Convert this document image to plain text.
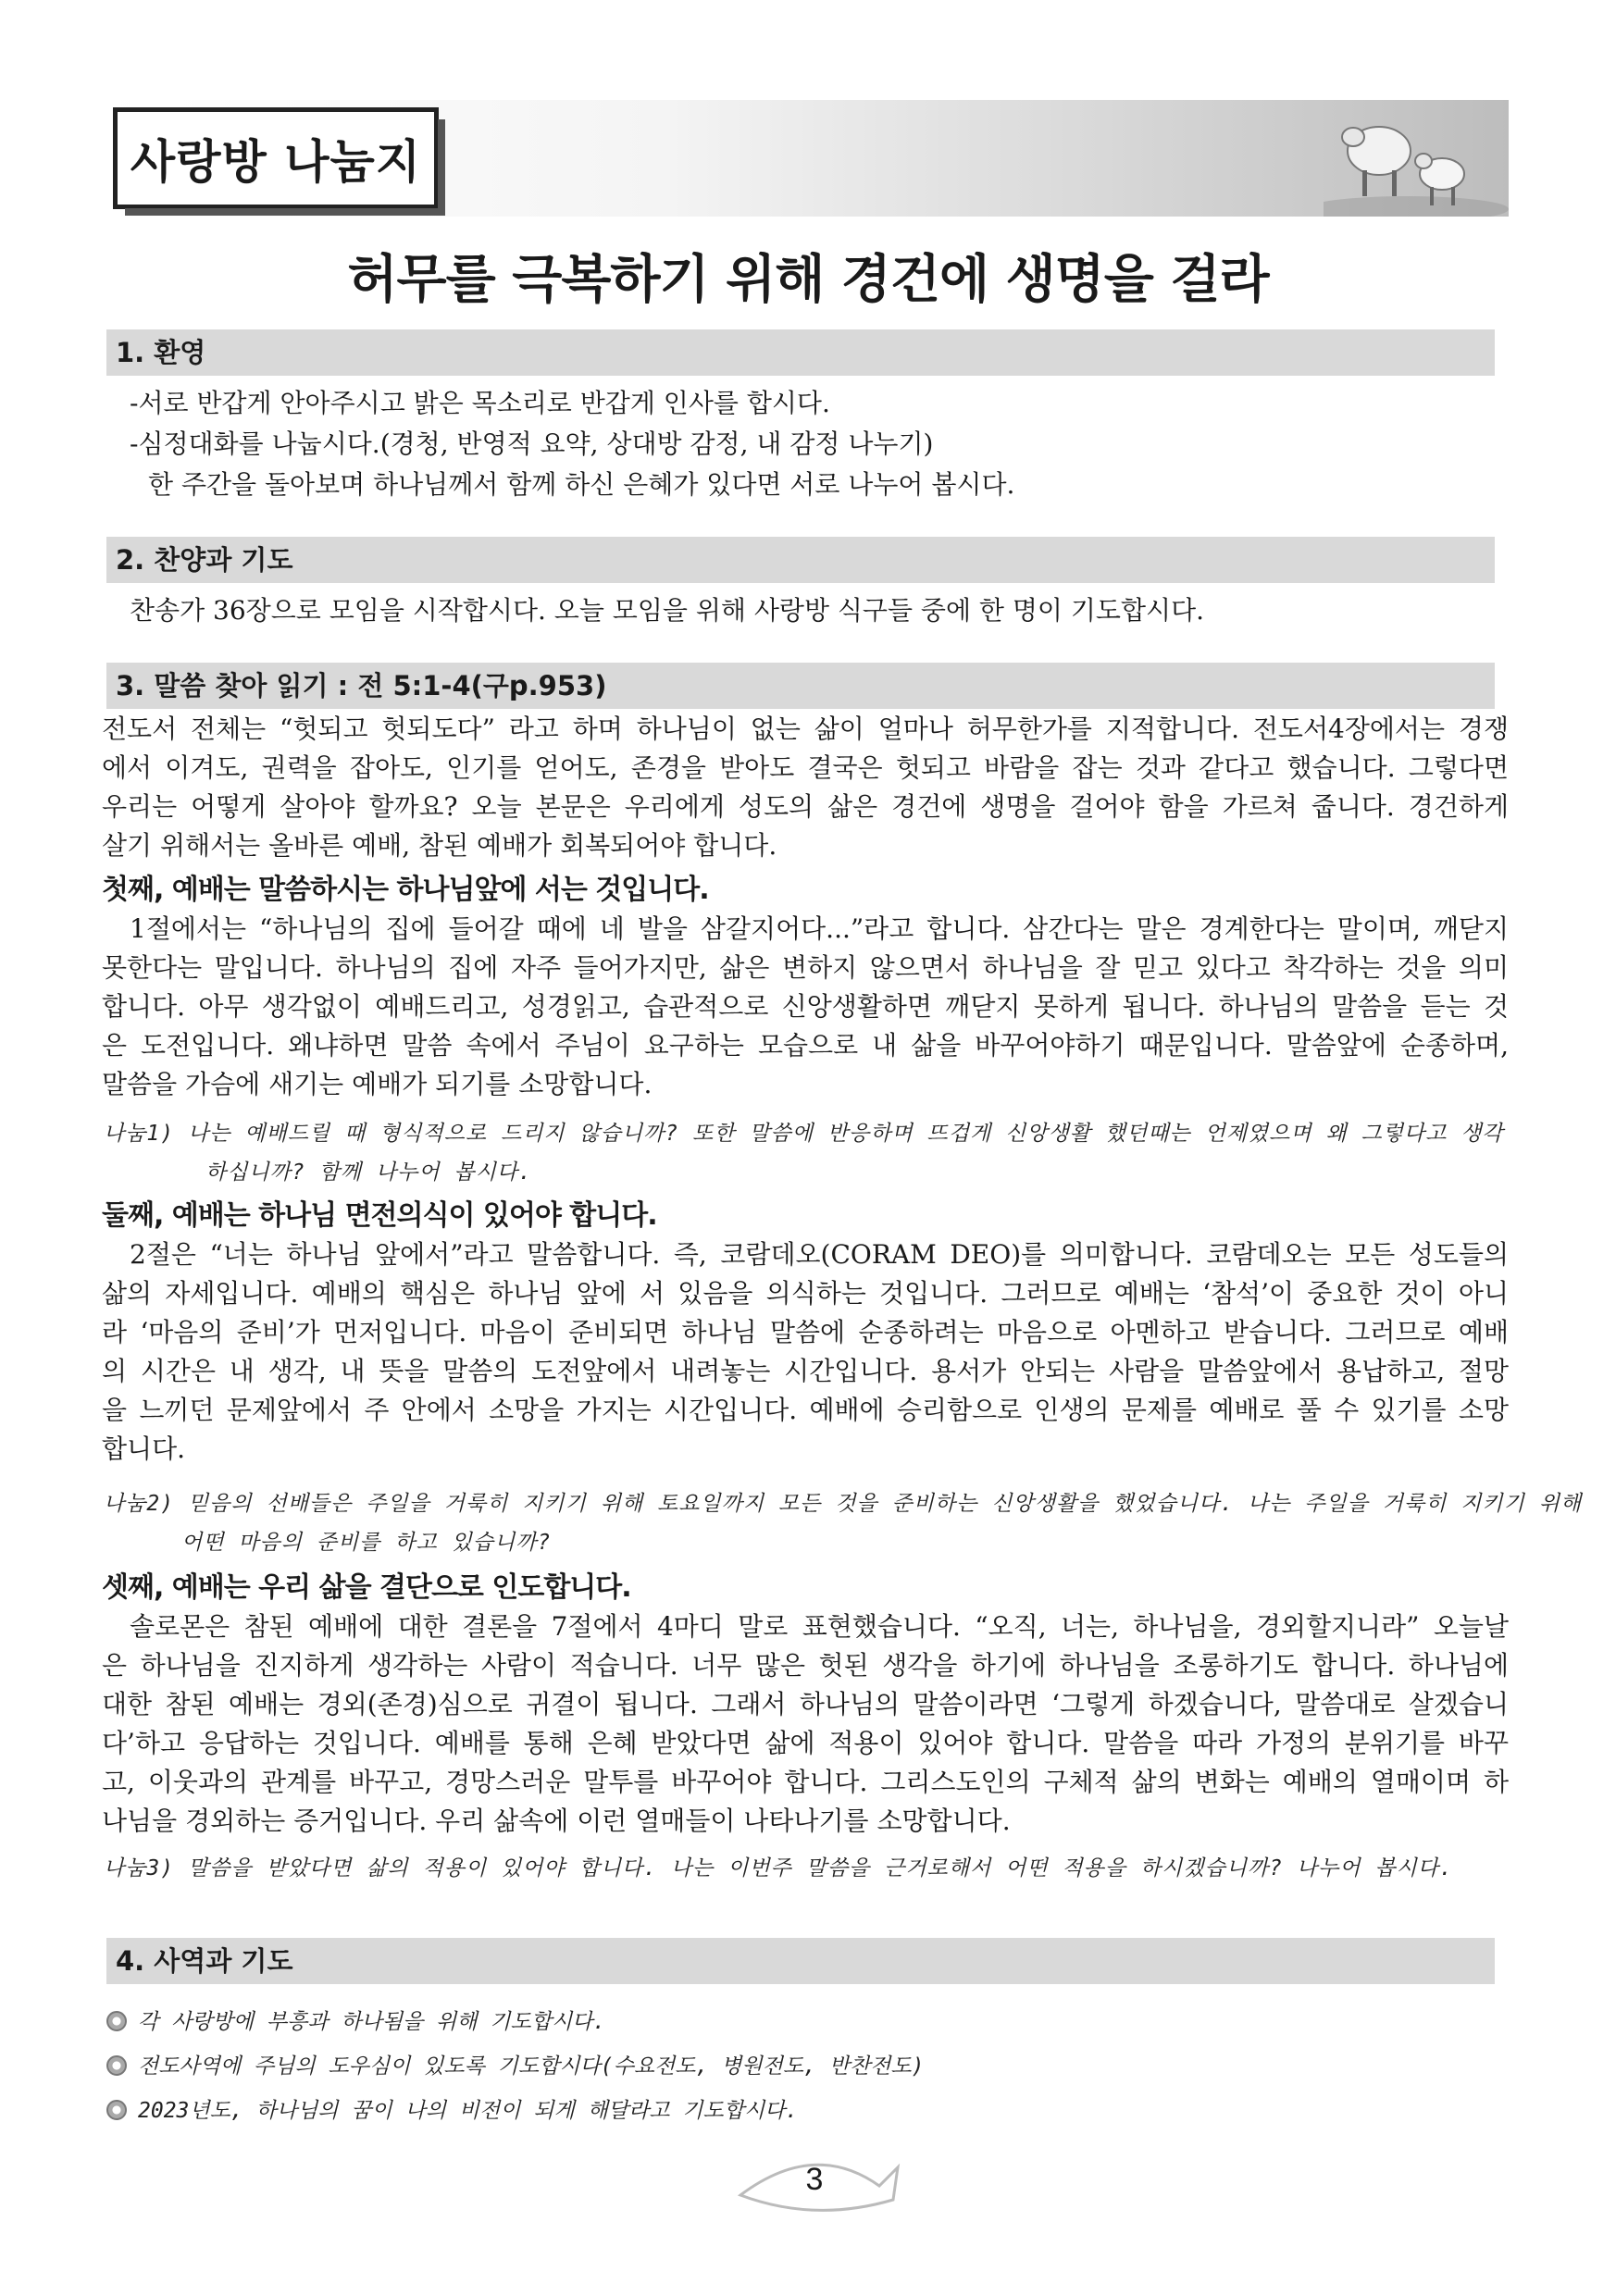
사랑방 나눔지
허무를 극복하기 위해 경건에 생명을 걸라
1. 환영
-서로 반갑게 안아주시고 밝은 목소리로 반갑게 인사를 합시다.
-심정대화를 나눕시다.(경청, 반영적 요약, 상대방 감정, 내 감정 나누기)
한 주간을 돌아보며 하나님께서 함께 하신 은혜가 있다면 서로 나누어 봅시다.
2. 찬양과 기도
찬송가 36장으로 모임을 시작합시다. 오늘 모임을 위해 사랑방 식구들 중에 한 명이 기도합시다.
3. 말씀 찾아 읽기 : 전 5:1-4(구p.953)
전도서 전체는 “헛되고 헛되도다” 라고 하며 하나님이 없는 삶이 얼마나 허무한가를 지적합니다. 전도서4장에서는 경쟁
에서 이겨도, 권력을 잡아도, 인기를 얻어도, 존경을 받아도 결국은 헛되고 바람을 잡는 것과 같다고 했습니다. 그렇다면
우리는 어떻게 살아야 할까요? 오늘 본문은 우리에게 성도의 삶은 경건에 생명을 걸어야 함을 가르쳐 줍니다. 경건하게
살기 위해서는 올바른 예배, 참된 예배가 회복되어야 합니다.
첫째, 예배는 말씀하시는 하나님앞에 서는 것입니다.
1절에서는 “하나님의 집에 들어갈 때에 네 발을 삼갈지어다...”라고 합니다. 삼간다는 말은 경계한다는 말이며, 깨닫지
못한다는 말입니다. 하나님의 집에 자주 들어가지만, 삶은 변하지 않으면서 하나님을 잘 믿고 있다고 착각하는 것을 의미
합니다. 아무 생각없이 예배드리고, 성경읽고, 습관적으로 신앙생활하면 깨닫지 못하게 됩니다. 하나님의 말씀을 듣는 것
은 도전입니다. 왜냐하면 말씀 속에서 주님이 요구하는 모습으로 내 삶을 바꾸어야하기 때문입니다. 말씀앞에 순종하며,
말씀을 가슴에 새기는 예배가 되기를 소망합니다.
나눔1) 나는 예배드릴 때 형식적으로 드리지 않습니까? 또한 말씀에 반응하며 뜨겁게 신앙생활 했던때는 언제였으며 왜 그렇다고 생각
하십니까? 함께 나누어 봅시다.
둘째, 예배는 하나님 면전의식이 있어야 합니다.
2절은 “너는 하나님 앞에서”라고 말씀합니다. 즉, 코람데오(CORAM DEO)를 의미합니다. 코람데오는 모든 성도들의
삶의 자세입니다. 예배의 핵심은 하나님 앞에 서 있음을 의식하는 것입니다. 그러므로 예배는 ‘참석’이 중요한 것이 아니
라 ‘마음의 준비’가 먼저입니다. 마음이 준비되면 하나님 말씀에 순종하려는 마음으로 아멘하고 받습니다. 그러므로 예배
의 시간은 내 생각, 내 뜻을 말씀의 도전앞에서 내려놓는 시간입니다. 용서가 안되는 사람을 말씀앞에서 용납하고, 절망
을 느끼던 문제앞에서 주 안에서 소망을 가지는 시간입니다. 예배에 승리함으로 인생의 문제를 예배로 풀 수 있기를 소망
합니다.
나눔2) 믿음의 선배들은 주일을 거룩히 지키기 위해 토요일까지 모든 것을 준비하는 신앙생활을 했었습니다. 나는 주일을 거룩히 지키기 위해
어떤 마음의 준비를 하고 있습니까?
셋째, 예배는 우리 삶을 결단으로 인도합니다.
솔로몬은 참된 예배에 대한 결론을 7절에서 4마디 말로 표현했습니다. “오직, 너는, 하나님을, 경외할지니라” 오늘날
은 하나님을 진지하게 생각하는 사람이 적습니다. 너무 많은 헛된 생각을 하기에 하나님을 조롱하기도 합니다. 하나님에
대한 참된 예배는 경외(존경)심으로 귀결이 됩니다. 그래서 하나님의 말씀이라면 ‘그렇게 하겠습니다, 말씀대로 살겠습니
다’하고 응답하는 것입니다. 예배를 통해 은혜 받았다면 삶에 적용이 있어야 합니다. 말씀을 따라 가정의 분위기를 바꾸
고, 이웃과의 관계를 바꾸고, 경망스러운 말투를 바꾸어야 합니다. 그리스도인의 구체적 삶의 변화는 예배의 열매이며 하
나님을 경외하는 증거입니다. 우리 삶속에 이런 열매들이 나타나기를 소망합니다.
나눔3) 말씀을 받았다면 삶의 적용이 있어야 합니다. 나는 이번주 말씀을 근거로해서 어떤 적용을 하시겠습니까? 나누어 봅시다.
4. 사역과 기도
각 사랑방에 부흥과 하나됨을 위해 기도합시다.
전도사역에 주님의 도우심이 있도록 기도합시다(수요전도, 병원전도, 반찬전도)
2023년도, 하나님의 꿈이 나의 비전이 되게 해달라고 기도합시다.
3
